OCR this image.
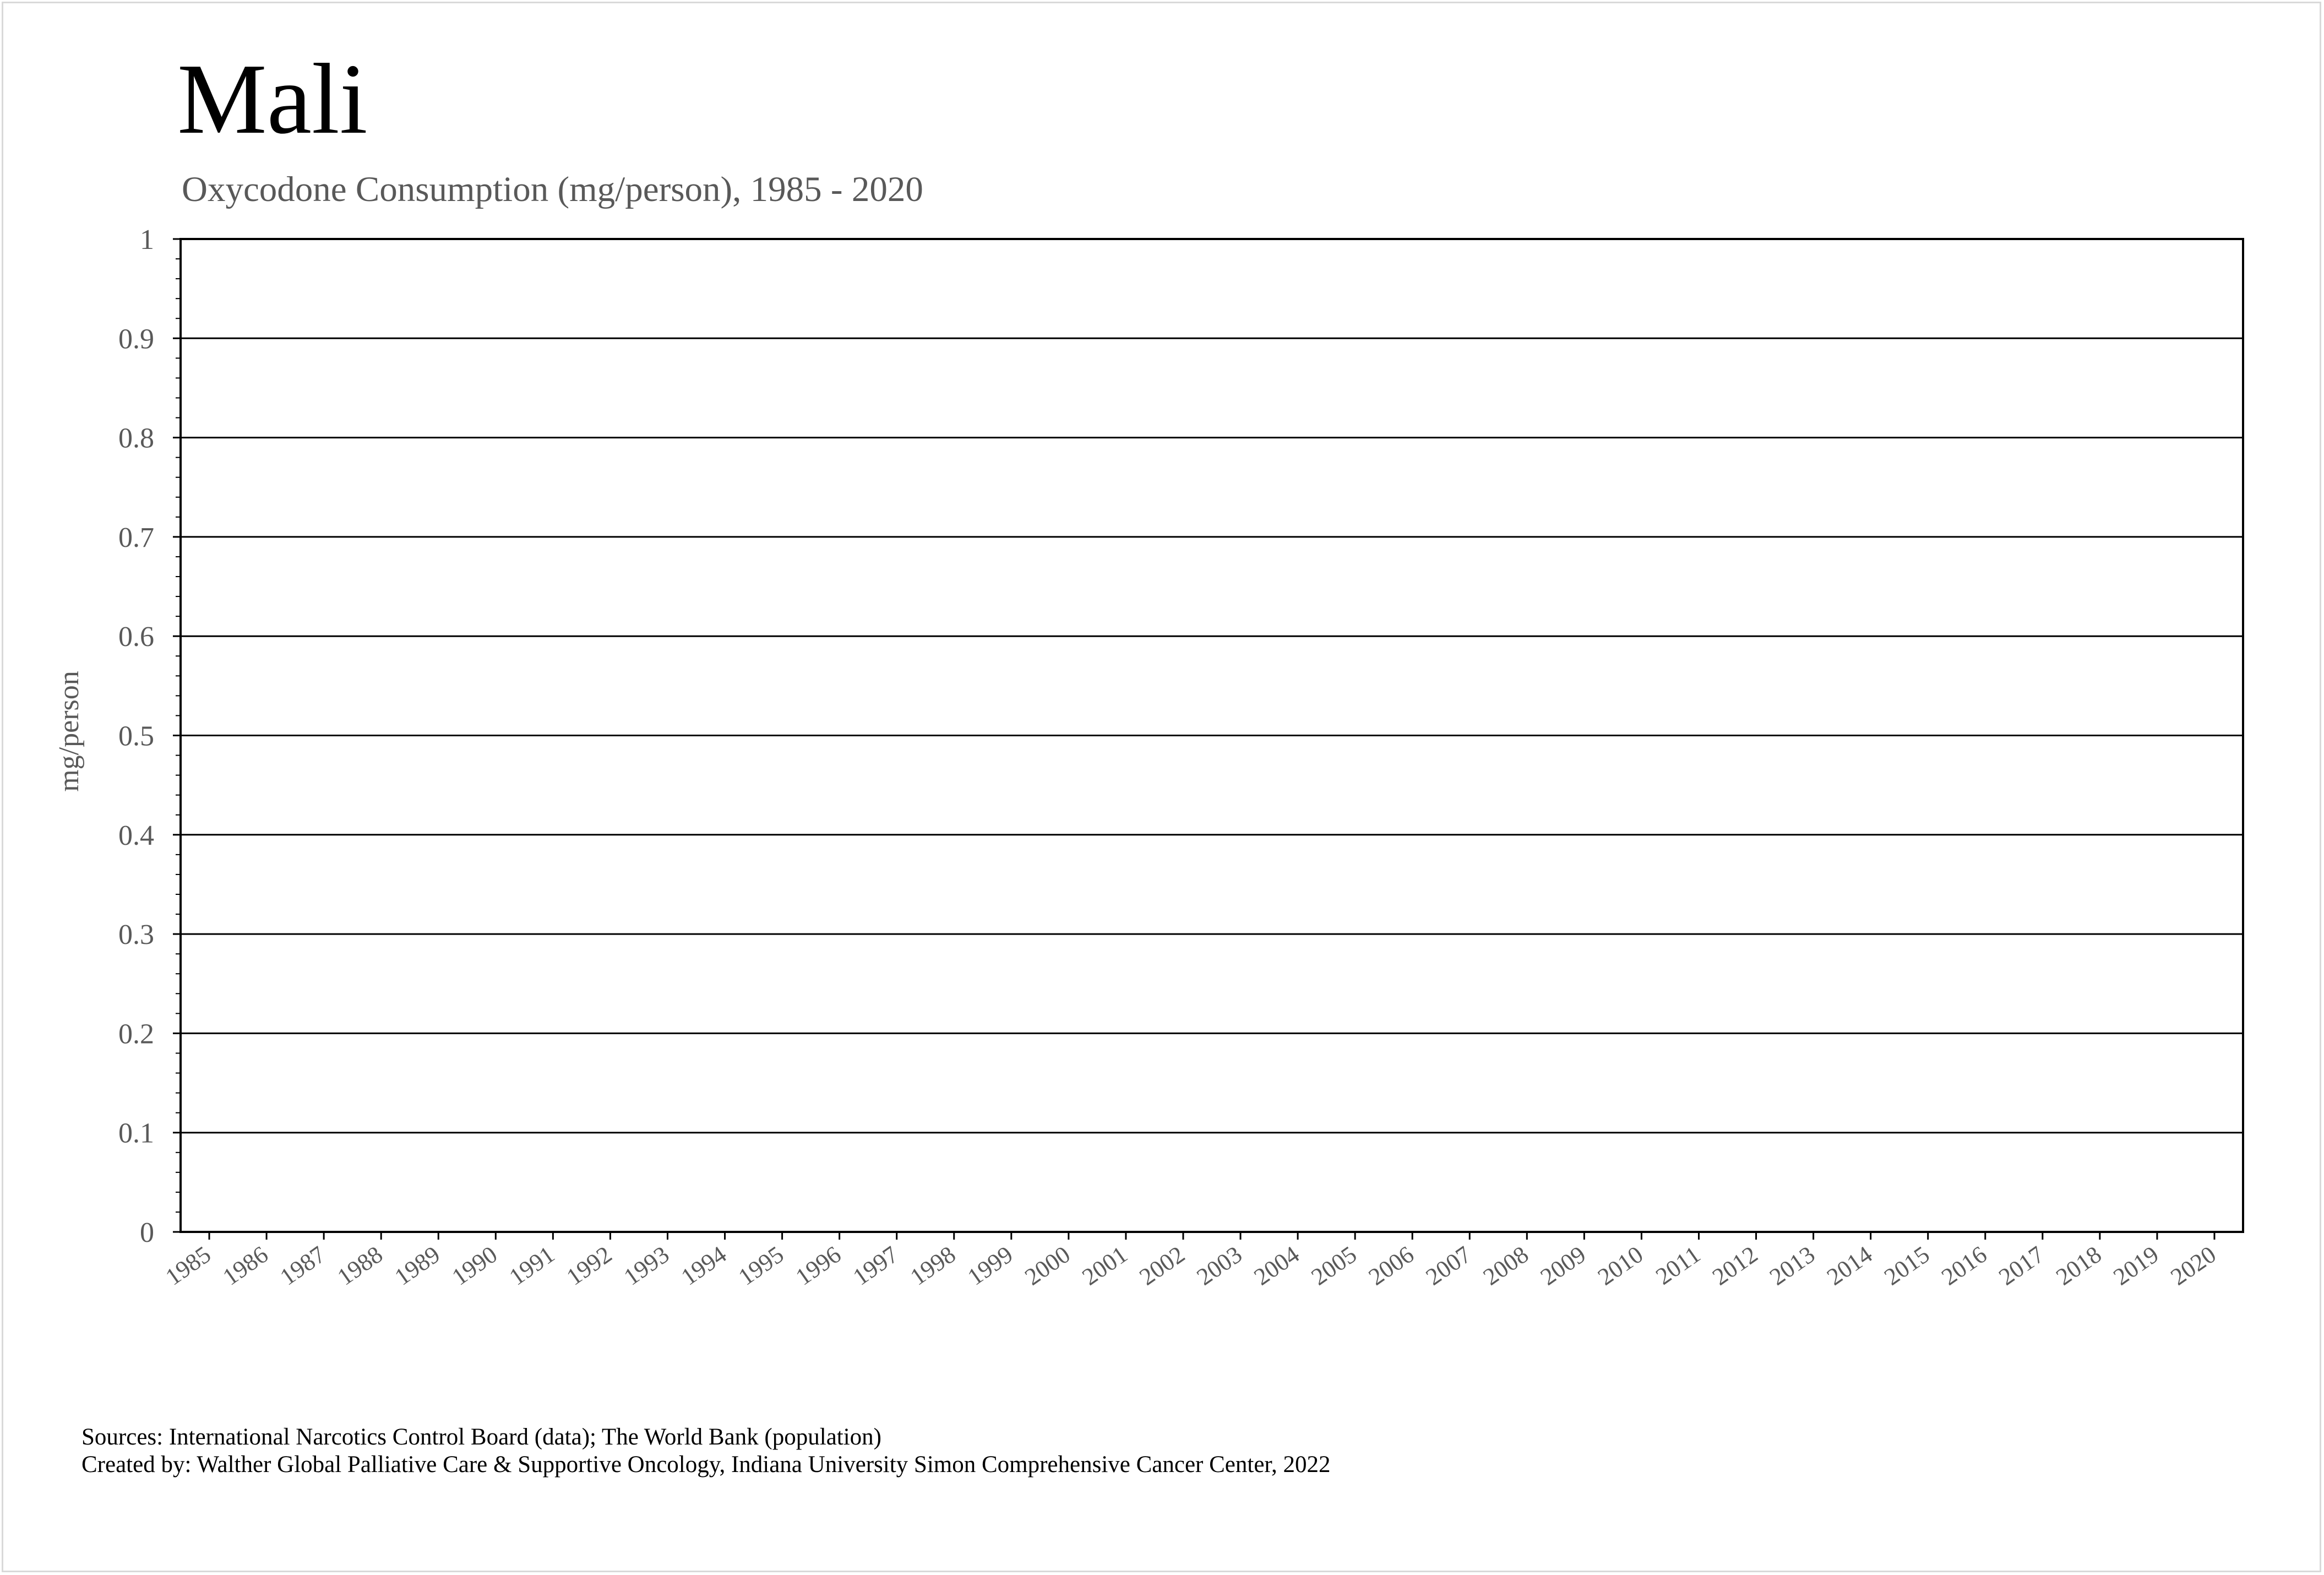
Mali
Oxycodone Consumption (mg/person), 1985 - 2020
0
0.1
0.2
0.3
0.4
0.5
0.6
0.7
0.8
0.9
1
1985 1986 1987 1988 1989 1990 1991 1992 1993 1994 1995 1996 1997 1998 1999 2000 2001 2002 2003 2004 2005 2006 2007 2008 2009 2010 2011 2012 2013 2014 2015 2016 2017 2018 2019 2020
mg/person
Sources: International Narcotics Control Board (data); The World Bank (population)
Created by: Walther Global Palliative Care & Supportive Oncology, Indiana University Simon Comprehensive Cancer Center, 2022
